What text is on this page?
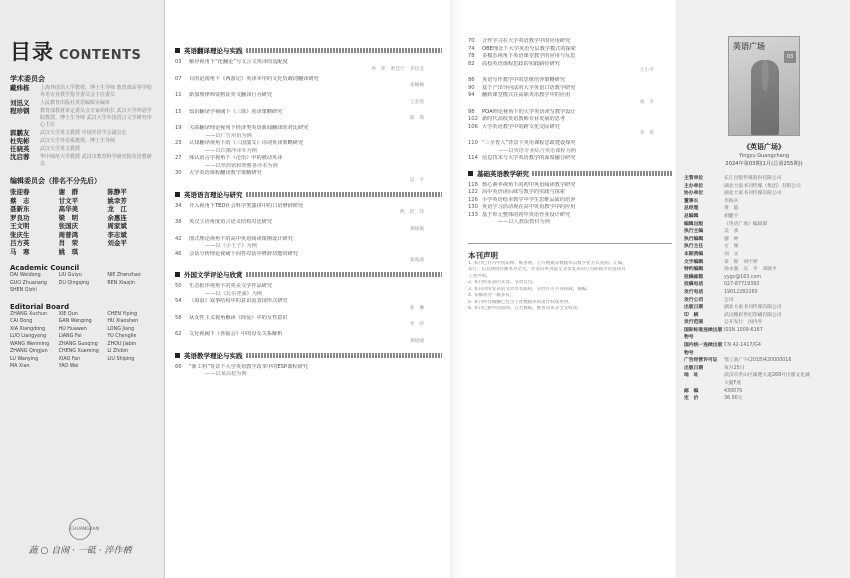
目录 CONTENTS
学术委员会
戴炜栋	上海外国语大学教授、博士生导师 教育部高等学校外语专业教学指导委员会主任委员
刘迅义	人民教育出版社英语编辑室编审
程珍钢	教育部教材审定委员会专家组组长 武汉大学外语学院教授、博士生导师 武汉大学外国语言文学研究中心主任
郭鹏友	武汉大学英文教授 中国外语学会副会长
杜宪彬	武汉大学外语系教授、博士生导师
任晓英	武汉大学英文教授
沈启蓉	华中师范大学教授 武汉市教育科学研究院英语教研员
编辑委员会（排名不分先后）
张迎春	谢　群	陈静平
蔡　志	甘文平	姚幸芳
聂新东	高华美	龙　江
罗良功	梁　明	余惠连
王文明	张国庆	周家斌
张庆生	周普鸿	李志斌
吕方英	肖　荣	刘金平
马　寒	姚　琪
Academic Council
DAI Weidong	LIU Guiyu	NIE Zhenzhao
GUO Zhuanang	DU Qingqing	REN Xiaojin
SHEN Qizhi
Editorial Board
ZHANG Xuchun	XIE Qun	CHEN Yiping
CAI Dong	GAN Wenping	HU Xiaoshen
XIA Xiangdong	HU Huawen	LONG Jiang
LUO Liangyong	LIANG Fei	YU Chenglie
WANG Wenming	ZHANG Guoqing	ZHOU Jiabin
ZHANG Qingjun	CHENG Xueming	LI Zhibin
LU Wanying	XIAO Fan	LIU Shiping
MA Xian	YAO Wei
CHUANGKAN
蔬 ○ 自闹 · 一砥 · 淬作栖
英语翻译理论与实践
03	顺应视角下“化翻论”与文言文英译的适配度
冉　菲　黄佳宁　李钰莹
07	目的论视角下《西游记》英译本中的文化负载词翻译研究
张楠楠
11	新加坡律师资格证英文翻译行为研究
王金莲
15	知识翻译学视阈下《三体》英译策略研究
郑　琦
19	关联翻译理论视角下经济类英语新闻翻译的对比研究
——以广告用语为例
23	认知翻译视角下的《三国演义》诗词英译策略研究
——以许渊冲译本为例
27	体认语言学视角下《论语》中的被动英译
——以辜鸿铭和理雅各译本为例
30	大学英语课程翻译教学策略研究
吴　平
英语语言理论与研究
34	介入视角下TED社会科学类演讲中的口语修辞研究
熊　赵　萍
38	英汉主语角度语言语义结构对比研究
刘晓敏
42	图式理论视角下的高中英语阅读课例设计研究
——以《小王子》为例
46	会话分析理论视阈下问答对话中修辞功能的研究
张海波
外国文学评论与欣赏
50	生态批评视角下的英美文学作品研究
——以《瓦尔登湖》为例
54	《海浪》叙事结构中的意识流表现形式研究
张　琳
58	从女性主义视角解读《简爱》中的女性意识
李　欣
62	文化视阈下《喜福会》中的母女关系解析
刘晓丽
英语教学理论与实践
66	“新工科”背景下大学英语教学改革中的ESP课程研究
——以某高校为例
70	合作学习在大学英语教学中的应用研究
74	OBE理念下大学英语分层教学模式的探索
78	多模态视角下英语课堂教学的应用与反思
82	高校英语课程思政的实践路径研究
王小平
86	英语写作教学中的思维培养策略研究
90	基于产出导向法的大学英语口语教学研究
94	翻转课堂模式在高职英语教学中的应用
刘　平
98	POA理论视角下的大学英语读写教学设计
102 新时代高校英语教师专业发展的思考
106 大学英语教学中的跨文化交际研究
李　英
110 “三全育人”背景下英语课程思政建设探究
——以英语专业综合英语课程为例
114 信息技术与大学英语教学的深度融合研究
基础英语教学研究
118 核心素养视角下的初中英语阅读教学研究
122 高中英语读后续写教学的实践与探索
126 小学英语绘本教学中学生思维品质的培养
130 英语学习活动观在高中英语教学中的应用
133 基于单元整体的初中英语作业设计研究
——以人教版教材为例
本刊声明
1. 本刊已许可中国知网、维普网、万方数据等数据库以数字化方式复制、汇编、
发行、信息网络传播本刊全文。作者向本刊提交文章发表的行为即视为同意我刊
上述声明。
2. 本刊所发表的文章，文责自负。
3. 本刊对所发表的文章享有版权，未经许可不得转载、摘编。
4. 来稿请勿一稿多投。
5. 本刊所付稿酬已包含上述数据库的著作权使用费。
6. 本刊已被中国知网、万方数据、维普资讯等全文收录。
英语广场
03
《英语广场》
Yingyu Guangchang
2024年第03期(1月(总第255期))
主管单位	长江出版传媒股份有限公司
主办单位	湖北大家书刊传媒（集团）有限公司
协办单位	湖北大家书刊传媒有限公司
董事长	李海兵
总经理	黄　霞
总编辑	胡健宇
编辑出版	《英语广场》编辑部
执行主编	吴　承
执行编辑	廖　婷
执行主任	方　俊
本期责编	刘　文
文字编辑	章　辉　刘宇婷
特约编辑	徐永强　吴　平　邓晓平
投稿邮箱	yygc@163.com
投稿电话	027-87719393
发行电话	19012282260
发行公司	公司
出版日期	湖北大家书刊传媒有限公司
印　刷	武汉精彩世纪印刷有限公司
发行范围	公开发行　国内外
国际标准连续出版物号
ISSN 1009-6167
国内统一连续出版物号
CN 42-1417/G4
广告经营许可证	鄂工商广字(2018)420000016
出版日期	每月25日
地　址	武汉市洪山区雄楚大道268号出版文化城
大厦F座
邮　编	430070
定　价	36.00元
